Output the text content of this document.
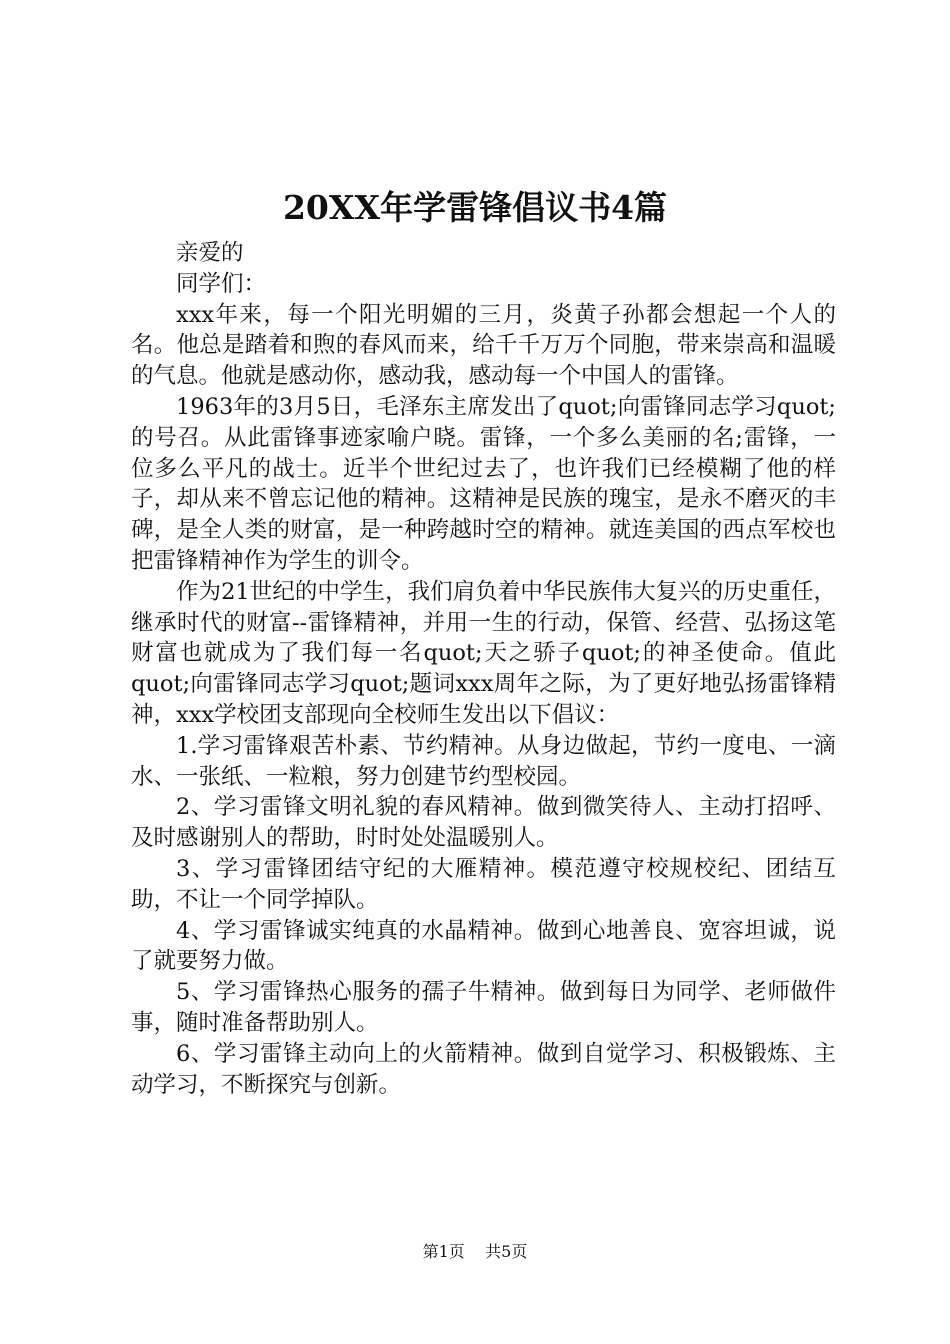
20XX年学雷锋倡议书4篇

亲爱的

同学们：

xxx年来，每一个阳光明媚的三月，炎黄子孙都会想起一个人的名。他总是踏着和煦的春风而来，给千千万万个同胞，带来崇高和温暖的气息。他就是感动你，感动我，感动每一个中国人的雷锋。

1963年的3月5日，毛泽东主席发出了quot;向雷锋同志学习quot;的号召。从此雷锋事迹家喻户晓。雷锋，一个多么美丽的名;雷锋，一位多么平凡的战士。近半个世纪过去了，也许我们已经模糊了他的样子，却从来不曾忘记他的精神。这精神是民族的瑰宝，是永不磨灭的丰碑，是全人类的财富，是一种跨越时空的精神。就连美国的西点军校也把雷锋精神作为学生的训令。

作为21世纪的中学生，我们肩负着中华民族伟大复兴的历史重任，继承时代的财富--雷锋精神，并用一生的行动，保管、经营、弘扬这笔财富也就成为了我们每一名quot;天之骄子quot;的神圣使命。值此quot;向雷锋同志学习quot;题词xxx周年之际，为了更好地弘扬雷锋精神，xxx学校团支部现向全校师生发出以下倡议：

1.学习雷锋艰苦朴素、节约精神。从身边做起，节约一度电、一滴水、一张纸、一粒粮，努力创建节约型校园。

2、学习雷锋文明礼貌的春风精神。做到微笑待人、主动打招呼、及时感谢别人的帮助，时时处处温暖别人。

3、学习雷锋团结守纪的大雁精神。模范遵守校规校纪、团结互助，不让一个同学掉队。

4、学习雷锋诚实纯真的水晶精神。做到心地善良、宽容坦诚，说了就要努力做。

5、学习雷锋热心服务的孺子牛精神。做到每日为同学、老师做件事，随时准备帮助别人。

6、学习雷锋主动向上的火箭精神。做到自觉学习、积极锻炼、主动学习，不断探究与创新。

第1页 共5页
